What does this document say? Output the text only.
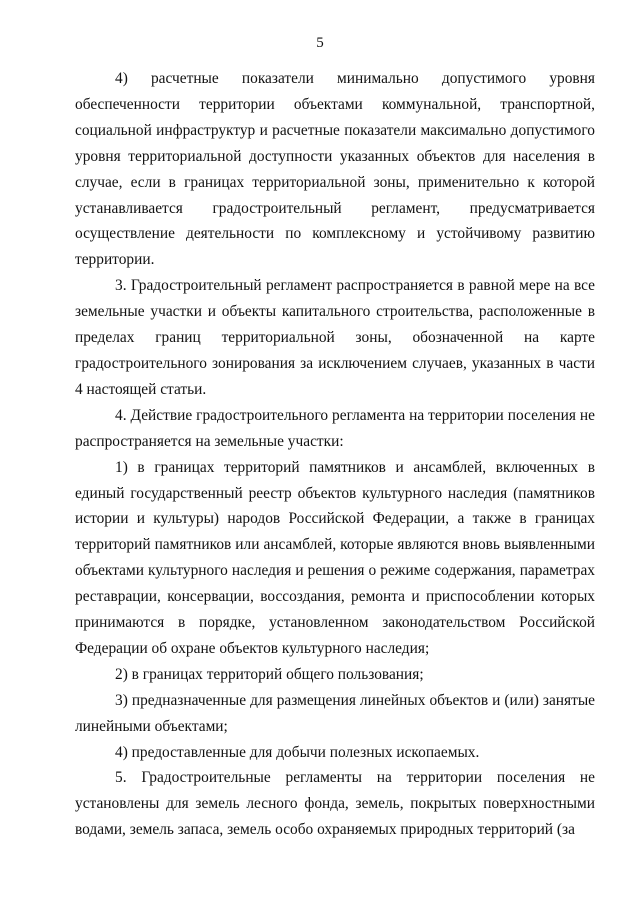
5

4) расчетные показатели минимально допустимого уровня обеспеченности территории объектами коммунальной, транспортной, социальной инфраструктур и расчетные показатели максимально допустимого уровня территориальной доступности указанных объектов для населения в случае, если в границах территориальной зоны, применительно к которой устанавливается градостроительный регламент, предусматривается осуществление деятельности по комплексному и устойчивому развитию территории.

3. Градостроительный регламент распространяется в равной мере на все земельные участки и объекты капитального строительства, расположенные в пределах границ территориальной зоны, обозначенной на карте градостроительного зонирования за исключением случаев, указанных в части 4 настоящей статьи.

4. Действие градостроительного регламента на территории поселения не распространяется на земельные участки:

1) в границах территорий памятников и ансамблей, включенных в единый государственный реестр объектов культурного наследия (памятников истории и культуры) народов Российской Федерации, а также в границах территорий памятников или ансамблей, которые являются вновь выявленными объектами культурного наследия и решения о режиме содержания, параметрах реставрации, консервации, воссоздания, ремонта и приспособлении которых принимаются в порядке, установленном законодательством Российской Федерации об охране объектов культурного наследия;

2) в границах территорий общего пользования;

3) предназначенные для размещения линейных объектов и (или) занятые линейными объектами;

4) предоставленные для добычи полезных ископаемых.

5. Градостроительные регламенты на территории поселения не установлены для земель лесного фонда, земель, покрытых поверхностными водами, земель запаса, земель особо охраняемых природных территорий (за
